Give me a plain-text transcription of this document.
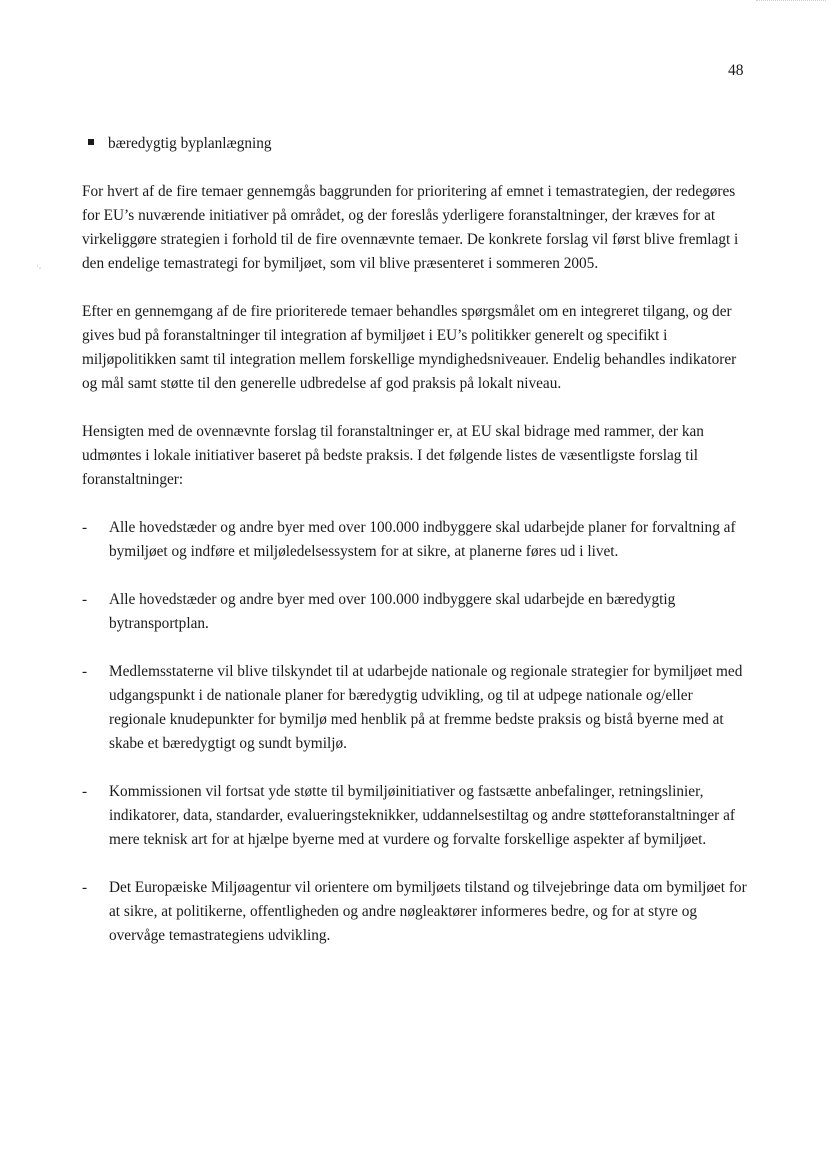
˙·
48
bæredygtig byplanlægning

For hvert af de fire temaer gennemgås baggrunden for prioritering af emnet i temastrategien, der redegøres for EU’s nuværende initiativer på området, og der foreslås yderligere foranstaltninger, der kræves for at virkeliggøre strategien i forhold til de fire ovennævnte temaer. De konkrete forslag vil først blive fremlagt i den endelige temastrategi for bymiljøet, som vil blive præsenteret i sommeren 2005.

Efter en gennemgang af de fire prioriterede temaer behandles spørgsmålet om en integreret tilgang, og der gives bud på foranstaltninger til integration af bymiljøet i EU’s politikker generelt og specifikt i miljøpolitikken samt til integration mellem forskellige myndighedsniveauer. Endelig behandles indikatorer og mål samt støtte til den generelle udbredelse af god praksis på lokalt niveau.

Hensigten med de ovennævnte forslag til foranstaltninger er, at EU skal bidrage med rammer, der kan udmøntes i lokale initiativer baseret på bedste praksis. I det følgende listes de væsentligste forslag til foranstaltninger:

-	Alle hovedstæder og andre byer med over 100.000 indbyggere skal udarbejde planer for forvaltning af bymiljøet og indføre et miljøledelsessystem for at sikre, at planerne føres ud i livet.
-	Alle hovedstæder og andre byer med over 100.000 indbyggere skal udarbejde en bæredygtig bytransportplan.
-	Medlemsstaterne vil blive tilskyndet til at udarbejde nationale og regionale strategier for bymiljøet med udgangspunkt i de nationale planer for bæredygtig udvikling, og til at udpege nationale og/eller regionale knudepunkter for bymiljø med henblik på at fremme bedste praksis og bistå byerne med at skabe et bæredygtigt og sundt bymiljø.
-	Kommissionen vil fortsat yde støtte til bymiljøinitiativer og fastsætte anbefalinger, retningslinier, indikatorer, data, standarder, evalueringsteknikker, uddannelsestiltag og andre støtteforanstaltninger af mere teknisk art for at hjælpe byerne med at vurdere og forvalte forskellige aspekter af bymiljøet.
-	Det Europæiske Miljøagentur vil orientere om bymiljøets tilstand og tilvejebringe data om bymiljøet for at sikre, at politikerne, offentligheden og andre nøgleaktører informeres bedre, og for at styre og overvåge temastrategiens udvikling.
